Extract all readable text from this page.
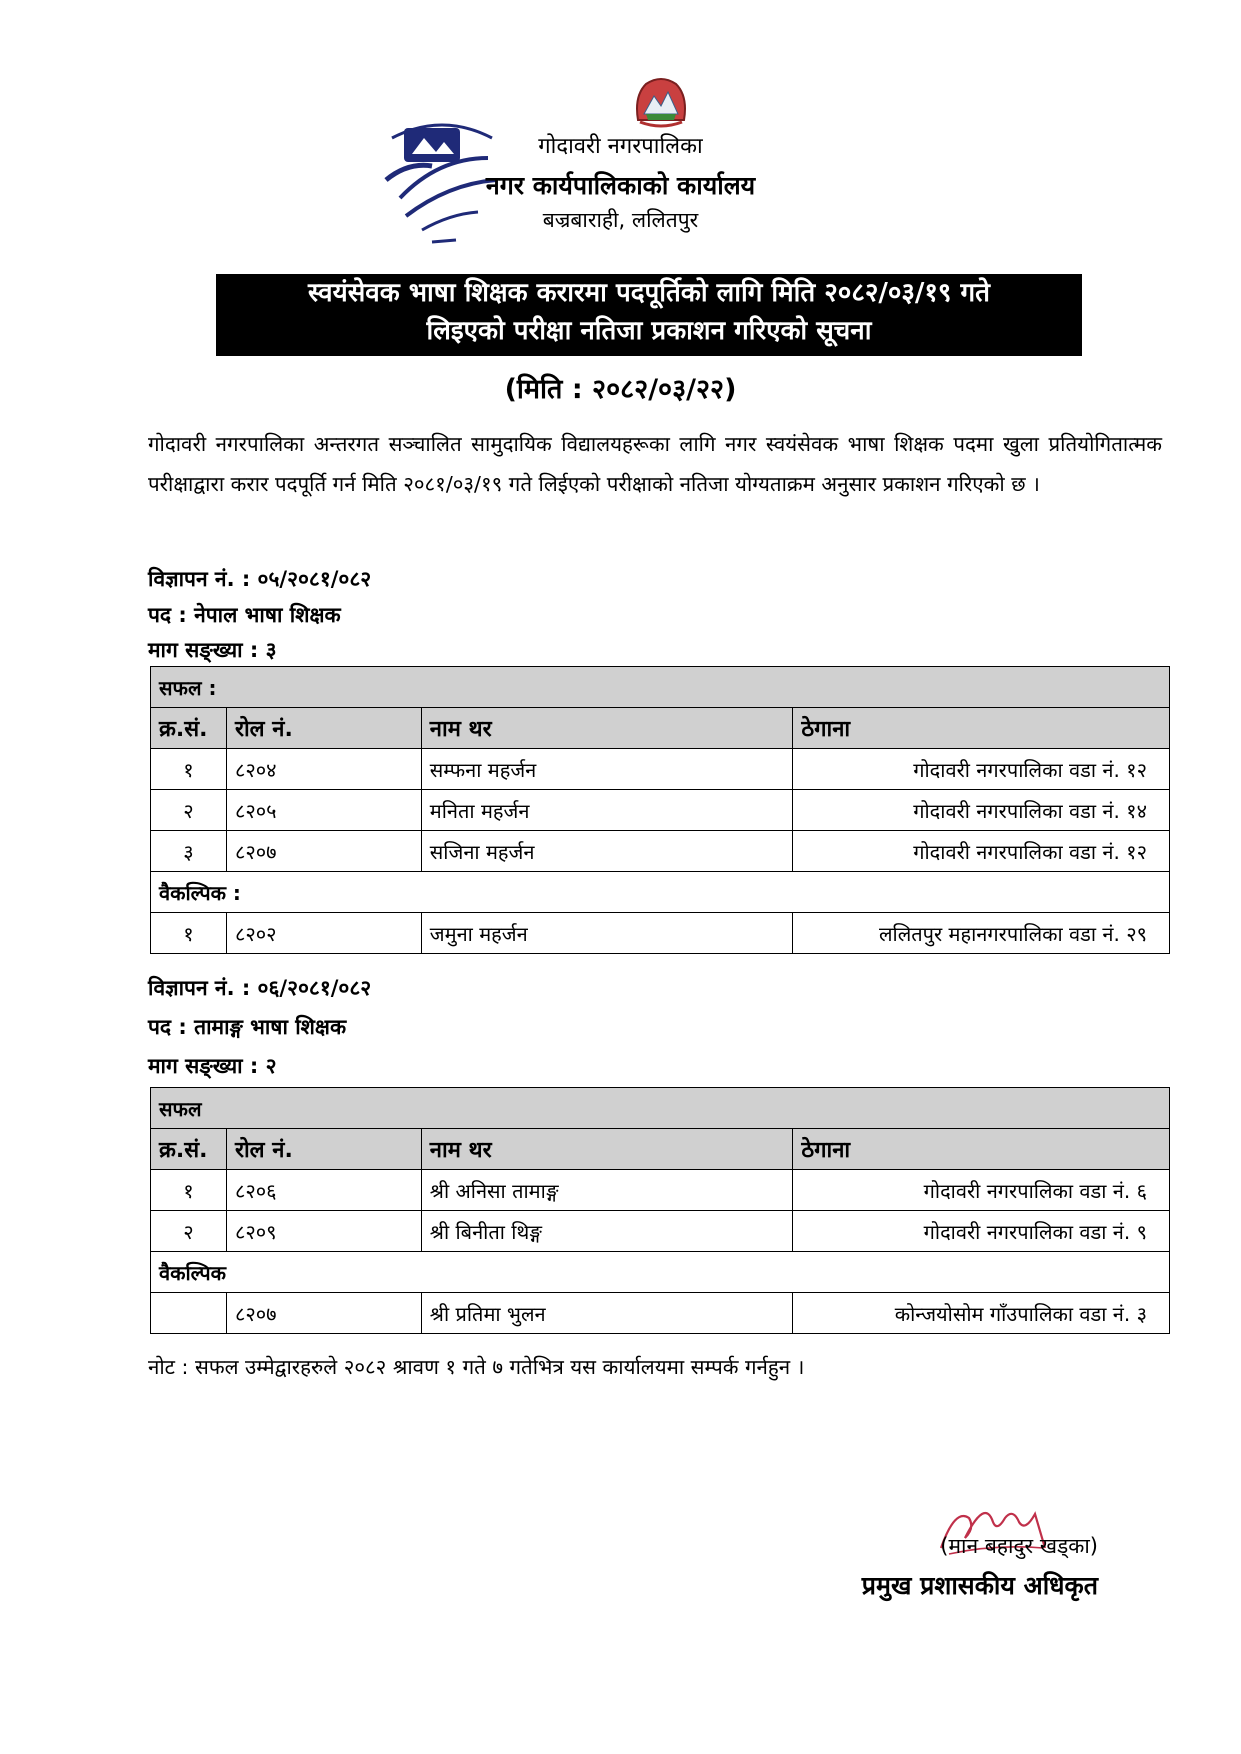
गोदावरी नगरपालिका
नगर कार्यपालिकाको कार्यालय
बज्रबाराही, ललितपुर
स्वयंसेवक भाषा शिक्षक करारमा पदपूर्तिको लागि मिति २०८२/०३/१९ गते
लिइएको परीक्षा नतिजा प्रकाशन गरिएको सूचना
(मिति : २०८२/०३/२२)
गोदावरी नगरपालिका अन्तरगत सञ्चालित सामुदायिक विद्यालयहरूका लागि नगर स्वयंसेवक भाषा शिक्षक पदमा खुला प्रतियोगितात्मक परीक्षाद्वारा करार पदपूर्ति गर्न मिति २०८१/०३/१९ गते लिईएको परीक्षाको नतिजा योग्यताक्रम अनुसार प्रकाशन गरिएको छ ।
विज्ञापन नं. : ०५/२०८१/०८२
पद : नेपाल भाषा शिक्षक
माग सङ्ख्या : ३
सफल :			
क्र.सं.	रोल नं.	नाम थर	ठेगाना
१	८२०४	सम्फना महर्जन	गोदावरी नगरपालिका वडा नं. १२
२	८२०५	मनिता महर्जन	गोदावरी नगरपालिका वडा नं. १४
३	८२०७	सजिना महर्जन	गोदावरी नगरपालिका वडा नं. १२
वैकल्पिक :			
१	८२०२	जमुना महर्जन	ललितपुर महानगरपालिका वडा नं. २९
विज्ञापन नं. : ०६/२०८१/०८२
पद : तामाङ्ग भाषा शिक्षक
माग सङ्ख्या : २
सफल			
क्र.सं.	रोल नं.	नाम थर	ठेगाना
१	८२०६	श्री अनिसा तामाङ्ग	गोदावरी नगरपालिका वडा नं. ६
२	८२०९	श्री बिनीता थिङ्ग	गोदावरी नगरपालिका वडा नं. ९
वैकल्पिक			
	८२०७	श्री प्रतिमा भुलन	कोन्जयोसोम गाँउपालिका वडा नं. ३
नोट : सफल उम्मेद्वारहरुले २०८२ श्रावण १ गते ७ गतेभित्र यस कार्यालयमा सम्पर्क गर्नहुन ।
(मान बहादुर खड्का)
प्रमुख प्रशासकीय अधिकृत
